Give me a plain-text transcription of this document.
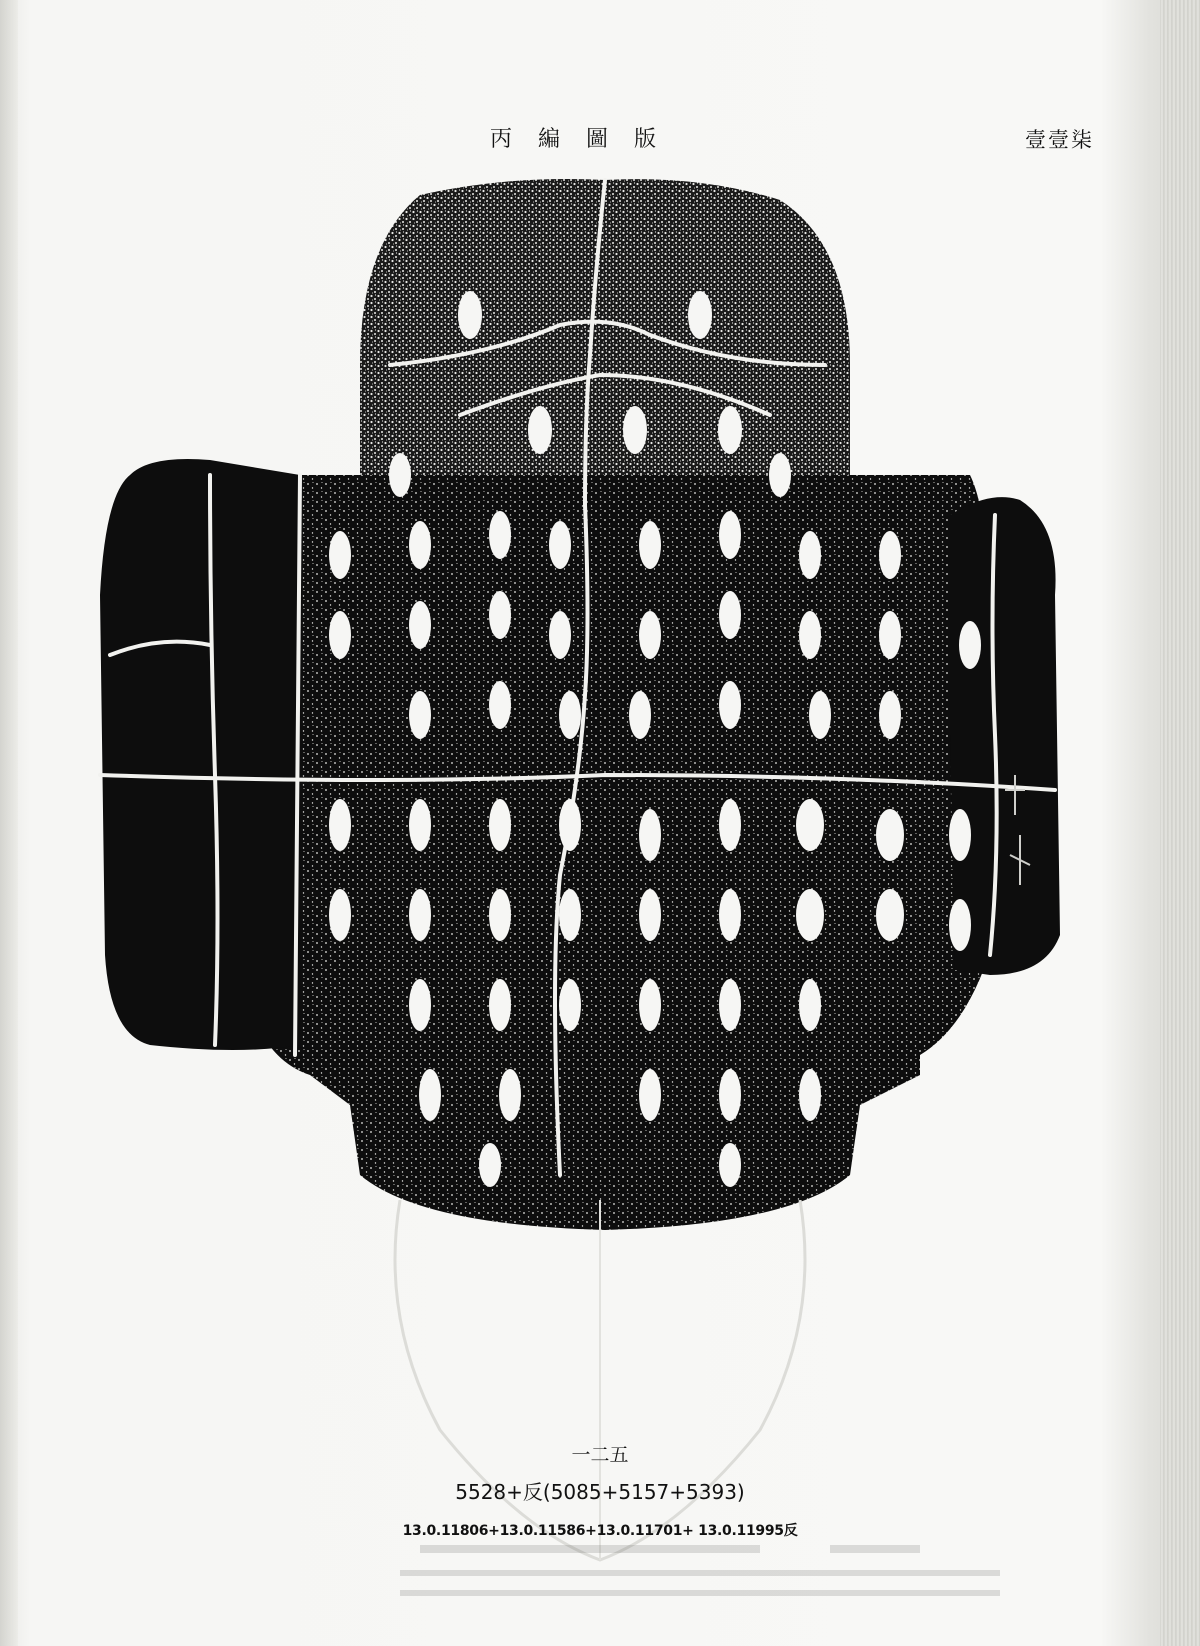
丙編圖版	壹壹柒
一二五
5528+反(5085+5157+5393)
13.0.11806+13.0.11586+13.0.11701+ 13.0.11995反
